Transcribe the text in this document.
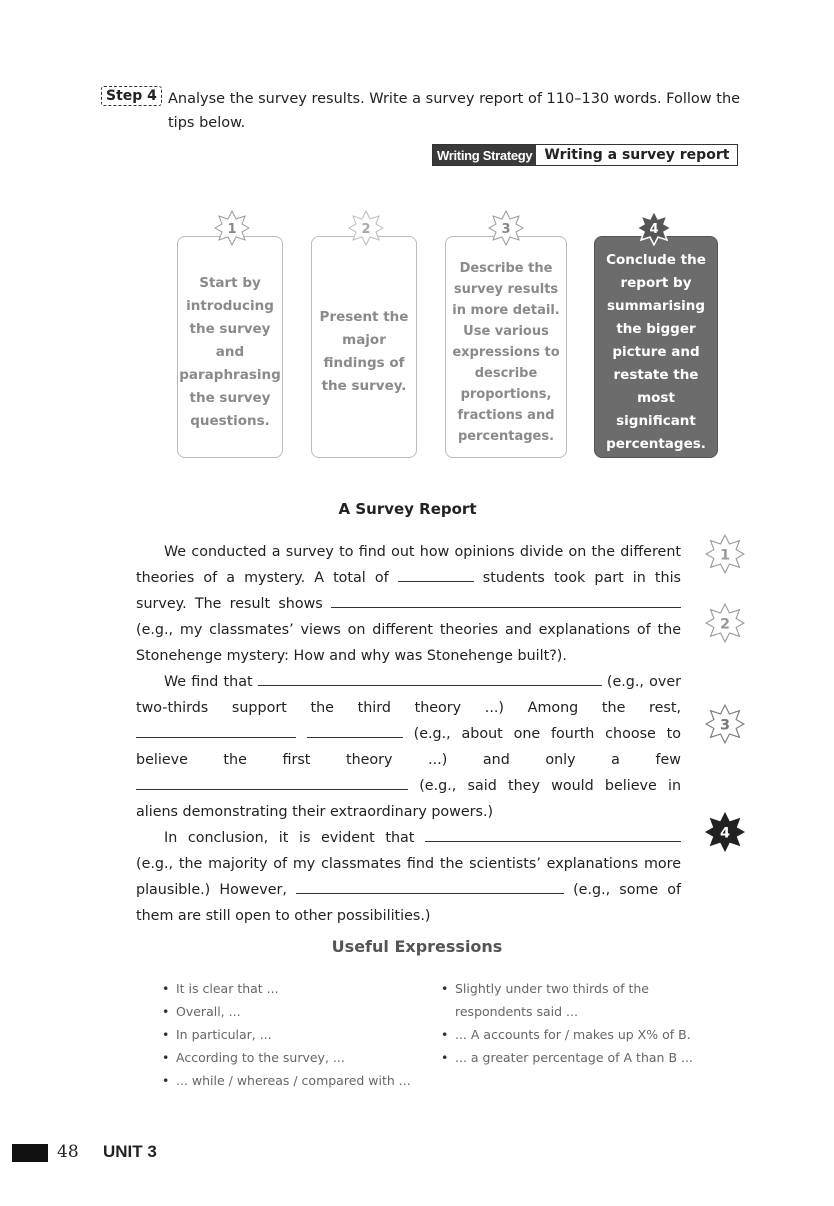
Step 4 Analyse the survey results. Write a survey report of 110–130 words. Follow the tips below.
Writing Strategy Writing a survey report
Start by introducing the survey and paraphrasing the survey questions.
Present the major findings of the survey.
Describe the survey results in more detail. Use various expressions to describe proportions, fractions and percentages.
Conclude the report by summarising the bigger picture and restate the most significant percentages.
1	2	3	4
A Survey Report

We conducted a survey to find out how opinions divide on the different theories of a mystery. A total of	students took part in this survey. The result shows  (e.g., my classmates’ views on different theories and explanations of the Stonehenge mystery: How and why was Stonehenge built?).

We find that	(e.g., over two-thirds support the third theory ...) Among the rest,   (e.g., about one fourth choose to believe the first theory ...) and only a few  (e.g., said they would believe in aliens demonstrating their extraordinary powers.)

In conclusion, it is evident that  (e.g., the majority of my classmates find the scientists’ explanations more plausible.) However,	(e.g., some of them are still open to other possibilities.)

1
2
3
4
Useful Expressions
• It is clear that ...
• Overall, ...
• In particular, ...
• According to the survey, ...
• ... while / whereas / compared with ...
• Slightly under two thirds of the
respondents said ...
• ... A accounts for / makes up X% of B.
• ... a greater percentage of A than B ...
48 UNIT 3
